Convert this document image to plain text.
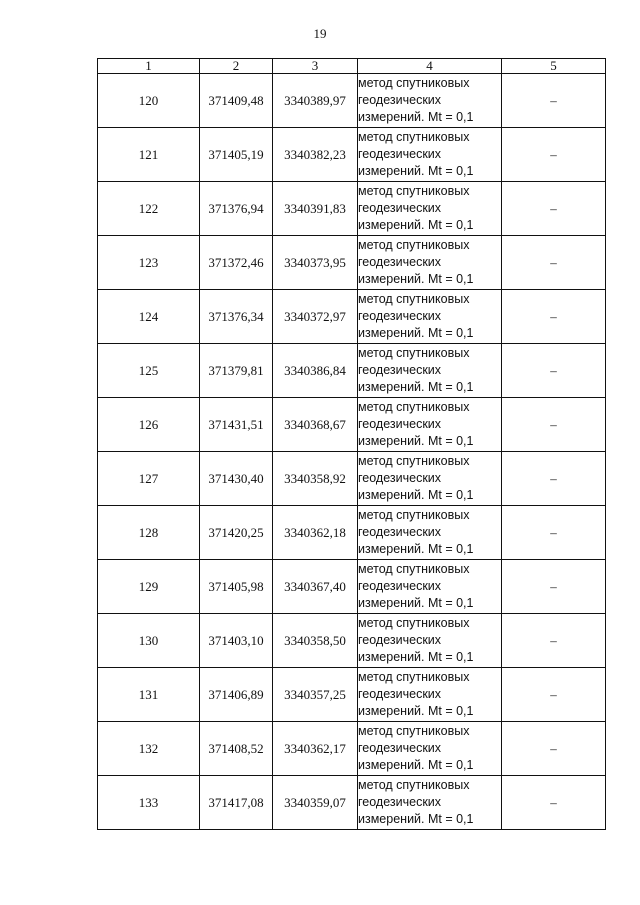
19
1	2	3	4	5
120	371409,48	3340389,97	метод спутниковых
геодезических
измерений. Mt = 0,1	–
121	371405,19	3340382,23	метод спутниковых
геодезических
измерений. Mt = 0,1	–
122	371376,94	3340391,83	метод спутниковых
геодезических
измерений. Mt = 0,1	–
123	371372,46	3340373,95	метод спутниковых
геодезических
измерений. Mt = 0,1	–
124	371376,34	3340372,97	метод спутниковых
геодезических
измерений. Mt = 0,1	–
125	371379,81	3340386,84	метод спутниковых
геодезических
измерений. Mt = 0,1	–
126	371431,51	3340368,67	метод спутниковых
геодезических
измерений. Mt = 0,1	–
127	371430,40	3340358,92	метод спутниковых
геодезических
измерений. Mt = 0,1	–
128	371420,25	3340362,18	метод спутниковых
геодезических
измерений. Mt = 0,1	–
129	371405,98	3340367,40	метод спутниковых
геодезических
измерений. Mt = 0,1	–
130	371403,10	3340358,50	метод спутниковых
геодезических
измерений. Mt = 0,1	–
131	371406,89	3340357,25	метод спутниковых
геодезических
измерений. Mt = 0,1	–
132	371408,52	3340362,17	метод спутниковых
геодезических
измерений. Mt = 0,1	–
133	371417,08	3340359,07	метод спутниковых
геодезических
измерений. Mt = 0,1	–
